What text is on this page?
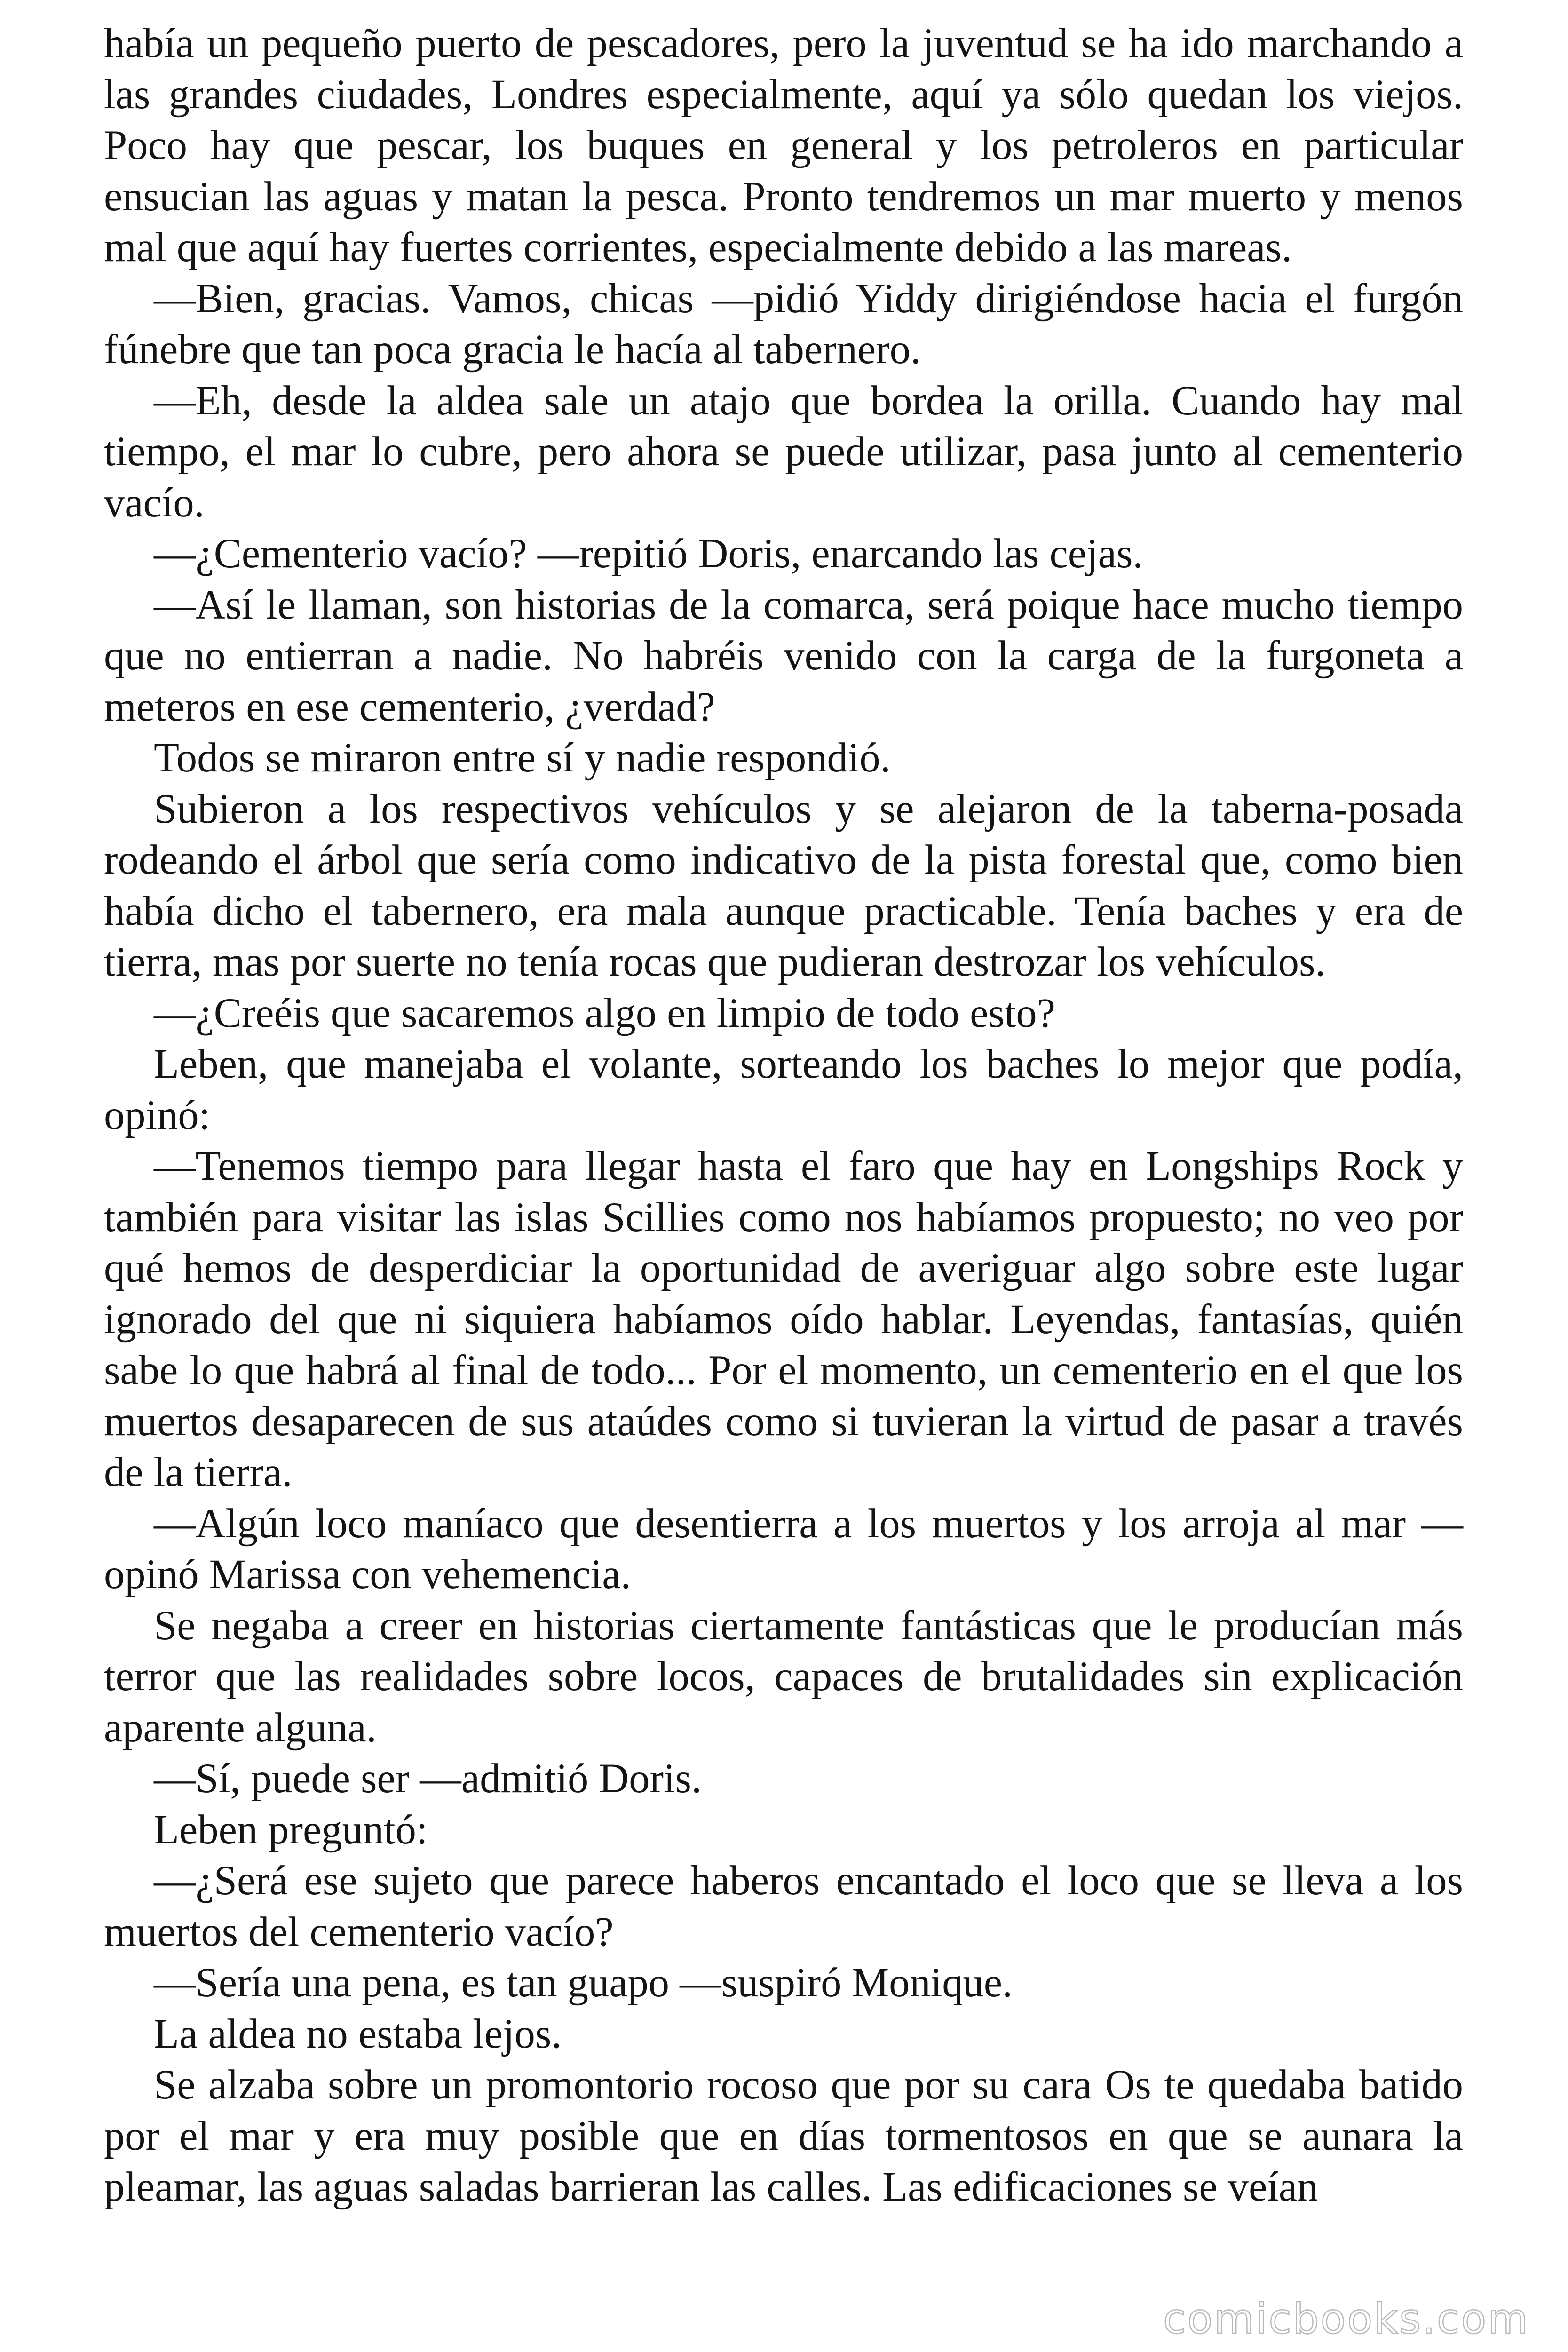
había un pequeño puerto de pescadores, pero la juventud se ha ido marchando a las grandes ciudades, Londres especialmente, aquí ya sólo quedan los viejos. Poco hay que pescar, los buques en general y los petroleros en particular ensucian las aguas y matan la pesca. Pronto tendremos un mar muerto y menos mal que aquí hay fuertes corrientes, especialmente debido a las mareas.

—Bien, gracias. Vamos, chicas —pidió Yiddy dirigiéndose hacia el furgón fúnebre que tan poca gracia le hacía al tabernero.

—Eh, desde la aldea sale un atajo que bordea la orilla. Cuando hay mal tiempo, el mar lo cubre, pero ahora se puede utilizar, pasa junto al cementerio vacío.

—¿Cementerio vacío? —repitió Doris, enarcando las cejas.

—Así le llaman, son historias de la comarca, será poique hace mucho tiempo que no entierran a nadie. No habréis venido con la carga de la furgoneta a meteros en ese cementerio, ¿verdad?

Todos se miraron entre sí y nadie respondió.

Subieron a los respectivos vehículos y se alejaron de la taberna-posada rodeando el árbol que sería como indicativo de la pista forestal que, como bien había dicho el tabernero, era mala aunque practicable. Tenía baches y era de tierra, mas por suerte no tenía rocas que pudieran destrozar los vehículos.

—¿Creéis que sacaremos algo en limpio de todo esto?

Leben, que manejaba el volante, sorteando los baches lo mejor que podía, opinó:

—Tenemos tiempo para llegar hasta el faro que hay en Longships Rock y también para visitar las islas Scillies como nos habíamos propuesto; no veo por qué hemos de desperdiciar la oportunidad de averiguar algo sobre este lugar ignorado del que ni siquiera habíamos oído hablar. Leyendas, fantasías, quién sabe lo que habrá al final de todo... Por el momento, un cementerio en el que los muertos desaparecen de sus ataúdes como si tuvieran la virtud de pasar a través de la tierra.

—Algún loco maníaco que desentierra a los muertos y los arroja al mar —opinó Marissa con vehemencia.

Se negaba a creer en historias ciertamente fantásticas que le producían más terror que las realidades sobre locos, capaces de brutalidades sin explicación aparente alguna.

—Sí, puede ser —admitió Doris.

Leben preguntó:

—¿Será ese sujeto que parece haberos encantado el loco que se lleva a los muertos del cementerio vacío?

—Sería una pena, es tan guapo —suspiró Monique.

La aldea no estaba lejos.

Se alzaba sobre un promontorio rocoso que por su cara Os te quedaba batido por el mar y era muy posible que en días tormentosos en que se aunara la pleamar, las aguas saladas barrieran las calles. Las edificaciones se veían

comicbooks.com
